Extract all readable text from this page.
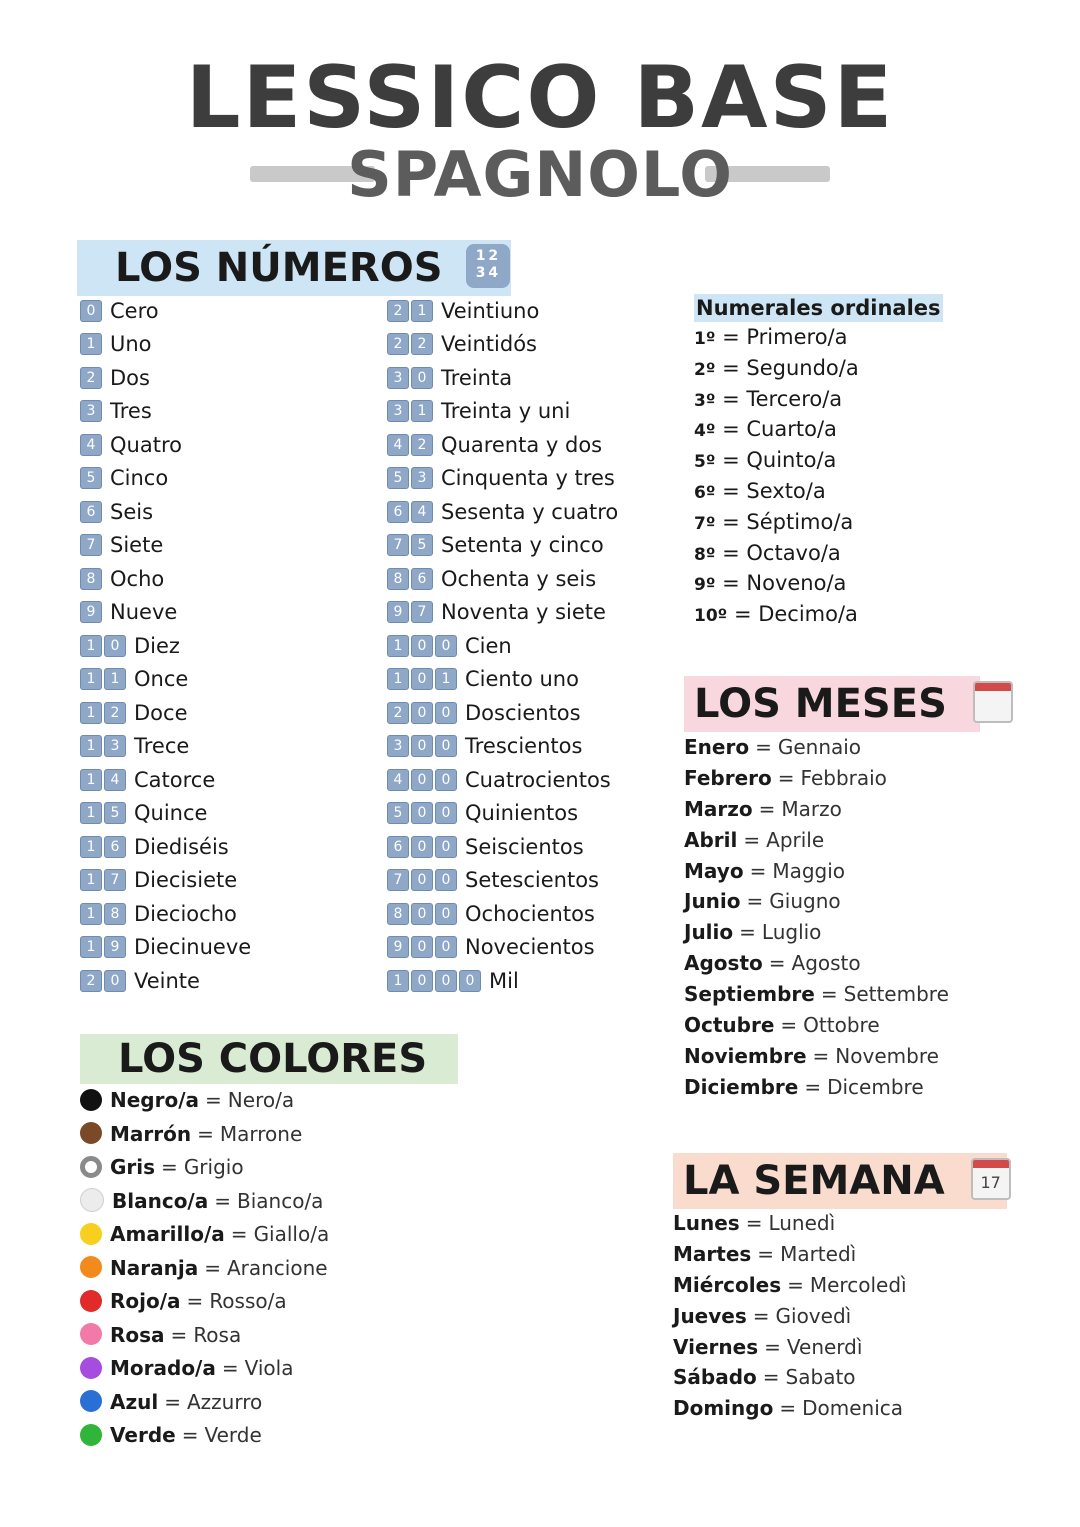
LESSICO BASE
SPAGNOLO
LOS NÚMEROS 12
34
0 Cero
1 Uno
2 Dos
3 Tres
4 Quatro
5 Cinco
6 Seis
7 Siete
8 Ocho
9 Nueve
1	0 Diez
1	1 Once
1	2 Doce
1	3 Trece
1	4 Catorce
1	5 Quince
1	6 Diediséis
1	7 Diecisiete
1	8 Dieciocho
1	9 Diecinueve
2	0 Veinte
2	1 Veintiuno
2	2 Veintidós
3	0 Treinta
3	1 Treinta y uni
4	2 Quarenta y dos
5	3 Cinquenta y tres
6	4 Sesenta y cuatro
7	5 Setenta y cinco
8	6 Ochenta y seis
9	7 Noventa y siete
1	0	0 Cien
1	0	1 Ciento uno
2	0	0 Doscientos
3	0	0 Trescientos
4	0	0 Cuatrocientos
5	0	0 Quinientos
6	0	0 Seiscientos
7	0	0 Setescientos
8	0	0 Ochocientos
9	0	0 Novecientos
1	0	0	0 Mil
Numerales ordinales
1º = Primero/a
2º = Segundo/a
3º = Tercero/a
4º = Cuarto/a
5º = Quinto/a
6º = Sexto/a
7º = Séptimo/a
8º = Octavo/a
9º = Noveno/a
10º = Decimo/a
LOS MESES

Enero = Gennaio
Febrero = Febbraio
Marzo = Marzo
Abril = Aprile
Mayo = Maggio
Junio = Giugno
Julio = Luglio
Agosto = Agosto
Septiembre = Settembre
Octubre = Ottobre
Noviembre = Novembre
Diciembre = Dicembre
LA SEMANA	17
Lunes = Lunedì
Martes = Martedì
Miércoles = Mercoledì
Jueves = Giovedì
Viernes = Venerdì
Sábado = Sabato
Domingo = Domenica
LOS COLORES
Negro/a = Nero/a
Marrón = Marrone
Gris = Grigio
Blanco/a = Bianco/a
Amarillo/a = Giallo/a
Naranja = Arancione
Rojo/a = Rosso/a
Rosa = Rosa
Morado/a = Viola
Azul = Azzurro
Verde = Verde
